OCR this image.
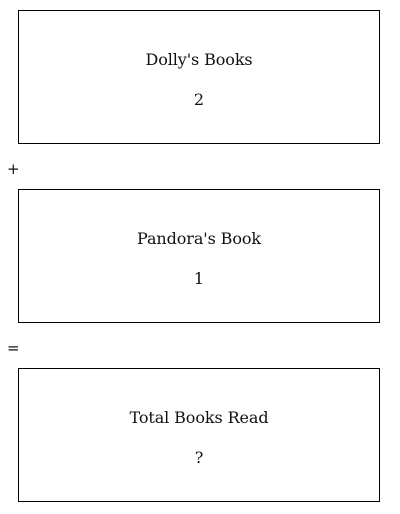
Dolly's Books
2
+
Pandora's Book
1
=
Total Books Read
?
